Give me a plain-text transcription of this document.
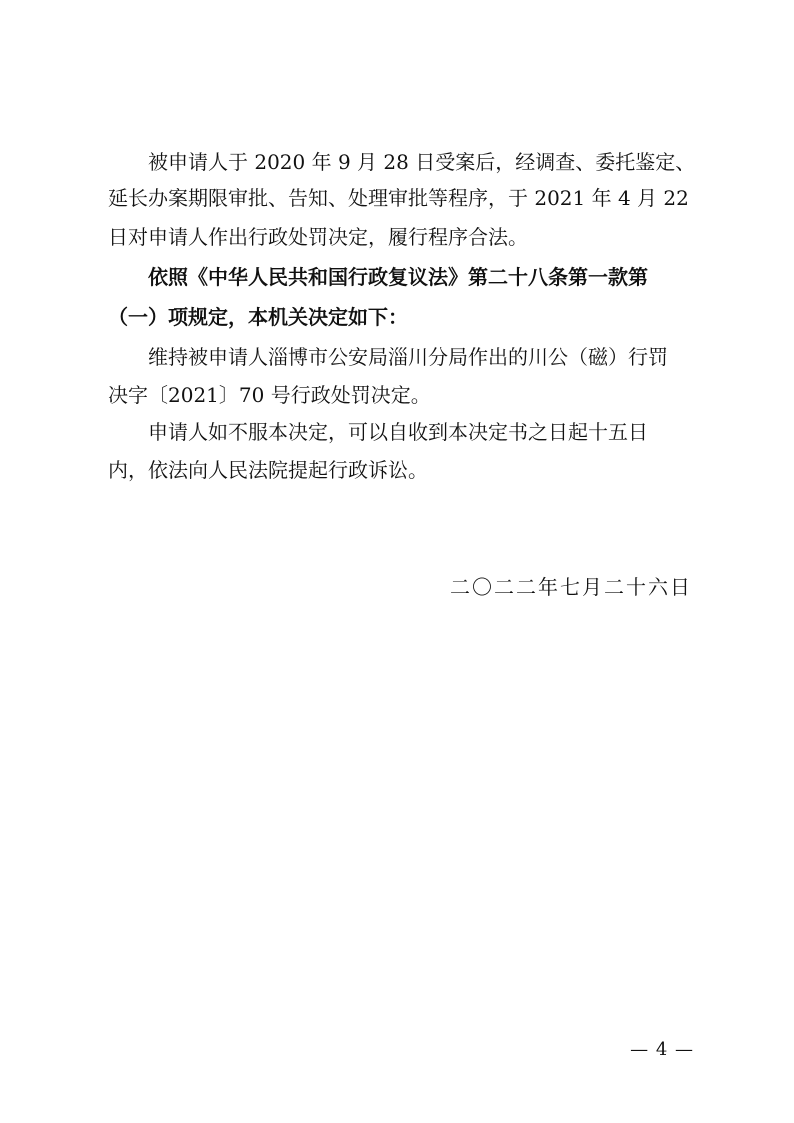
被申请人于 2020 年 9 月 28 日受案后，经调查、委托鉴定、
延长办案期限审批、告知、处理审批等程序，于 2021 年 4 月 22
日对申请人作出行政处罚决定，履行程序合法。
依照《中华人民共和国行政复议法》第二十八条第一款第
（一）项规定，本机关决定如下：
维持被申请人淄博市公安局淄川分局作出的川公（磁）行罚
决字〔2021〕70 号行政处罚决定。
申请人如不服本决定，可以自收到本决定书之日起十五日
内，依法向人民法院提起行政诉讼。
二〇二二年七月二十六日
— 4 —
